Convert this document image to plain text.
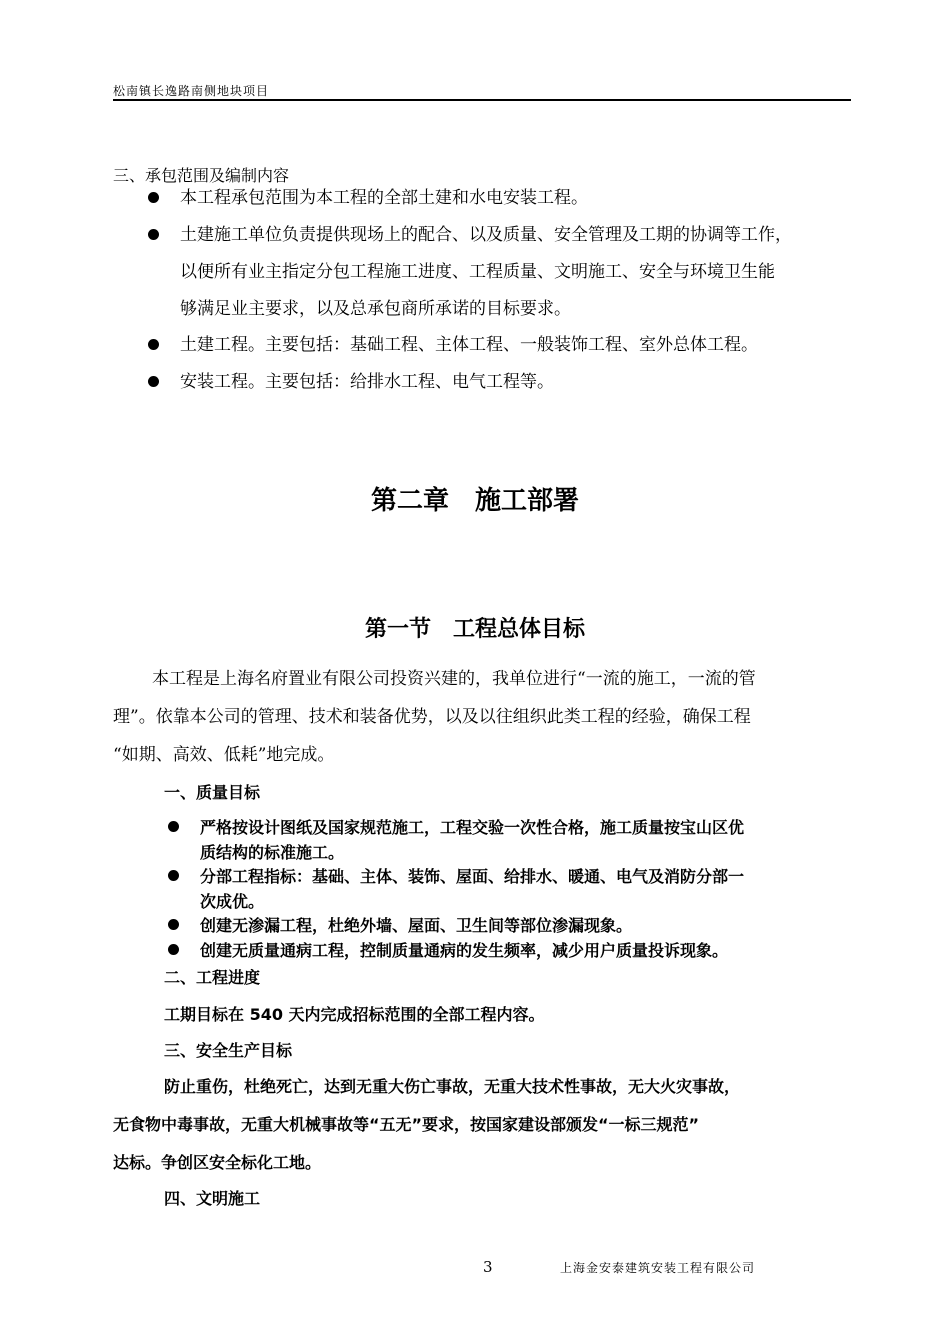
松南镇长逸路南侧地块项目
三、承包范围及编制内容
本工程承包范围为本工程的全部土建和水电安装工程。
土建施工单位负责提供现场上的配合、以及质量、安全管理及工期的协调等工作，
以便所有业主指定分包工程施工进度、工程质量、文明施工、安全与环境卫生能
够满足业主要求，以及总承包商所承诺的目标要求。
土建工程。主要包括：基础工程、主体工程、一般装饰工程、室外总体工程。
安装工程。主要包括：给排水工程、电气工程等。
第二章　施工部署
第一节　工程总体目标
本工程是上海名府置业有限公司投资兴建的，我单位进行“一流的施工，一流的管
理”。依靠本公司的管理、技术和装备优势，以及以往组织此类工程的经验，确保工程
“如期、高效、低耗”地完成。
一、质量目标
严格按设计图纸及国家规范施工，工程交验一次性合格，施工质量按宝山区优
质结构的标准施工。
分部工程指标：基础、主体、装饰、屋面、给排水、暖通、电气及消防分部一
次成优。
创建无渗漏工程，杜绝外墙、屋面、卫生间等部位渗漏现象。
创建无质量通病工程，控制质量通病的发生频率，减少用户质量投诉现象。
二、工程进度
工期目标在 540 天内完成招标范围的全部工程内容。
三、安全生产目标
防止重伤，杜绝死亡，达到无重大伤亡事故，无重大技术性事故，无大火灾事故，
无食物中毒事故，无重大机械事故等“五无”要求，按国家建设部颁发“一标三规范”
达标。争创区安全标化工地。
四、文明施工
3	上海金安泰建筑安装工程有限公司
